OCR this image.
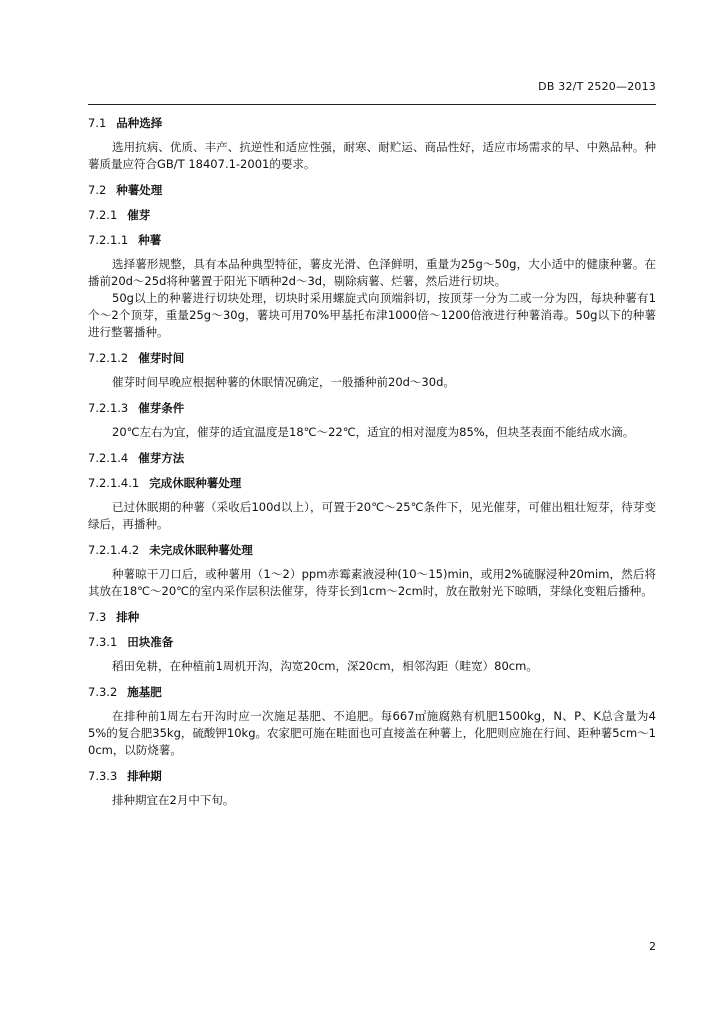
DB 32/T 2520—2013
7.1 品种选择
选用抗病、优质、丰产、抗逆性和适应性强，耐寒、耐贮运、商品性好，适应市场需求的早、中熟品种。种薯质量应符合GB/T 18407.1-2001的要求。
7.2 种薯处理
7.2.1 催芽
7.2.1.1 种薯
选择薯形规整，具有本品种典型特征，薯皮光滑、色泽鲜明，重量为25g～50g，大小适中的健康种薯。在播前20d～25d将种薯置于阳光下晒种2d～3d，剔除病薯、烂薯，然后进行切块。
50g以上的种薯进行切块处理，切块时采用螺旋式向顶端斜切，按顶芽一分为二或一分为四，每块种薯有1个～2个顶芽，重量25g～30g，薯块可用70%甲基托布津1000倍～1200倍液进行种薯消毒。50g以下的种薯进行整薯播种。
7.2.1.2 催芽时间
催芽时间早晚应根据种薯的休眠情况确定，一般播种前20d～30d。
7.2.1.3 催芽条件
20℃左右为宜，催芽的适宜温度是18℃～22℃，适宜的相对湿度为85%，但块茎表面不能结成水滴。
7.2.1.4 催芽方法
7.2.1.4.1 完成休眠种薯处理
已过休眠期的种薯（采收后100d以上），可置于20℃～25℃条件下，见光催芽，可催出粗壮短芽，待芽变绿后，再播种。
7.2.1.4.2 未完成休眠种薯处理
种薯晾干刀口后，或种薯用（1～2）ppm赤霉素液浸种(10～15)min，或用2%硫脲浸种20mim，然后将其放在18℃～20℃的室内采作层积法催芽，待芽长到1cm～2cm时，放在散射光下晾晒，芽绿化变粗后播种。
7.3 排种
7.3.1 田块准备
稻田免耕，在种植前1周机开沟，沟宽20cm，深20cm，相邻沟距（畦宽）80cm。
7.3.2 施基肥
在排种前1周左右开沟时应一次施足基肥、不追肥。每667㎡施腐熟有机肥1500kg，N、P、K总含量为45%的复合肥35kg，硫酸钾10kg。农家肥可施在畦面也可直接盖在种薯上，化肥则应施在行间、距种薯5cm～10cm，以防烧薯。
7.3.3 排种期
排种期宜在2月中下旬。
2
